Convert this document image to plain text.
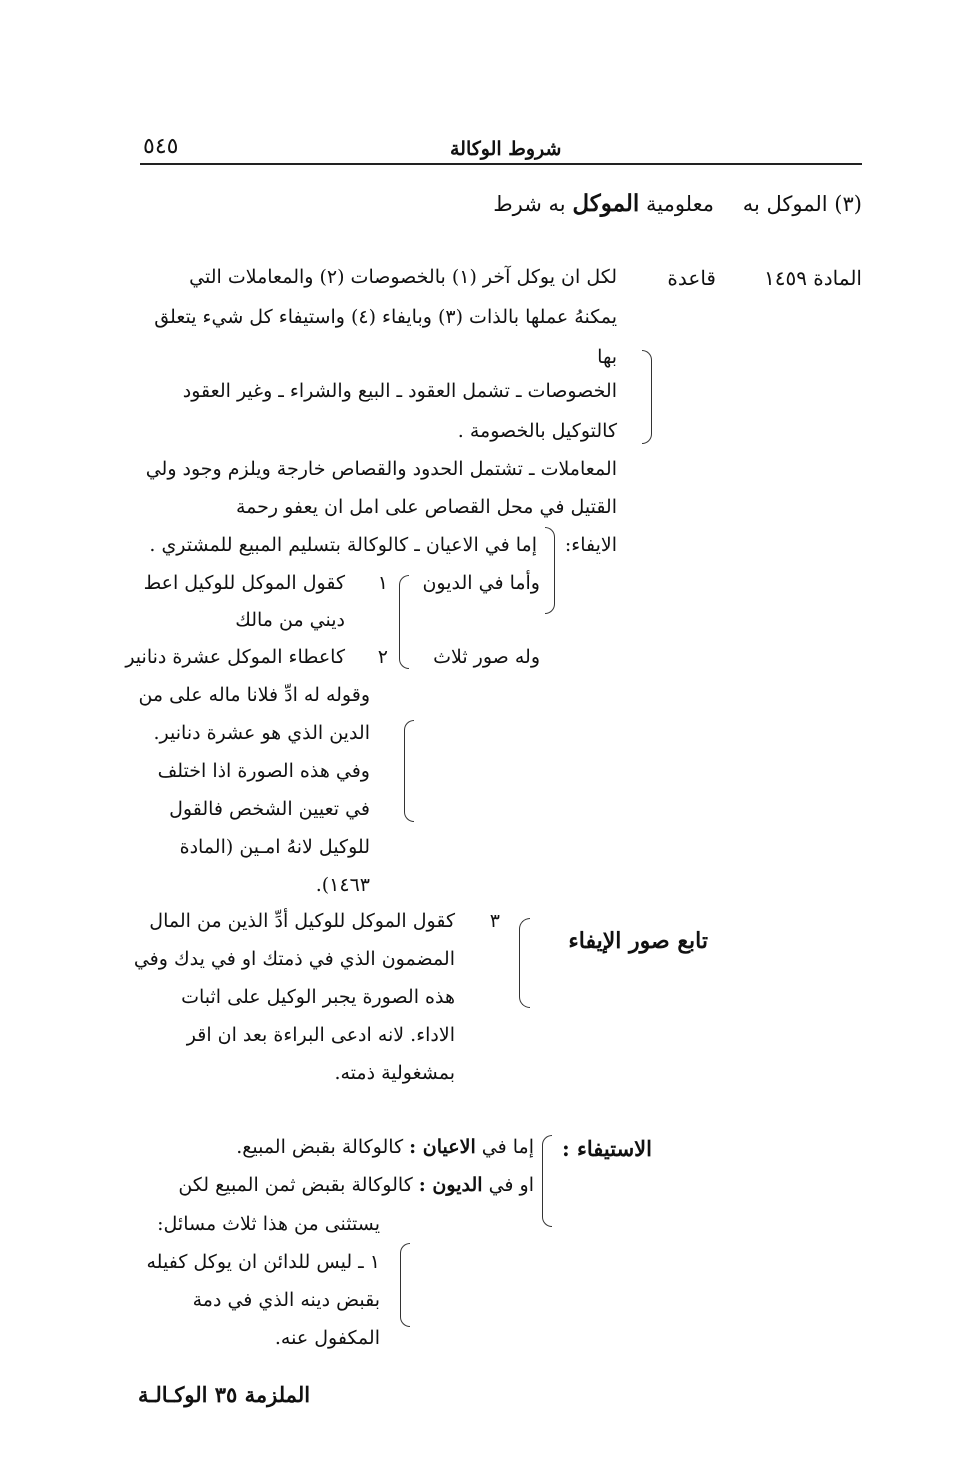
٥٤٥	شروط الوكالة
(٣) الموكل به
معلومية الموكل به شرط
المادة ١٤٥٩
قاعدة
لكل ان يوكل آخر (١) بالخصوصات (٢) والمعاملات التي
يمكنهُ عملها بالذات (٣) وبايفاء (٤) واستيفاء كل شيء يتعلق
بها
الخصوصات ـ تشمل العقود ـ البيع والشراء ـ وغير العقود
كالتوكيل بالخصومة .
المعاملات ـ تشتمل الحدود والقصاص خارجة ويلزم وجود ولي
القتيل في محل القصاص على امل ان يعفو رحمة
الايفاء:
إما في الاعيان ـ كالوكالة بتسليم المبيع للمشتري .
وأما في الديون
وله صور ثلاث
١
كقول الموكل للوكيل اعط
ديني من مالك
٢
كاعطاء الموكل عشرة دنانير
وقوله له ادِّ فلانا ماله على من
الدين الذي هو عشرة دنانير.
وفي هذه الصورة اذا اختلف
في تعيين الشخص فالقول
للوكيل لانهُ امـين (المادة
١٤٦٣).
تابع صور الإيفاء
٣
كقول الموكل للوكيل أدِّ الذين من المال
المضمون الذي في ذمتك او في يدك وفي
هذه الصورة يجبر الوكيل على اثبات
الاداء. لانه ادعى البراءة بعد ان اقر
بمشغولية ذمته.
الاستيفاء :
إما في الاعيان : كالوكالة بقبض المبيع.
او في الديون : كالوكالة بقبض ثمن المبيع لكن
يستثنى من هذا ثلاث مسائل:
١ ـ ليس للدائن ان يوكل كفيله
بقبض دينه الذي في دمة
المكفول عنه.
الملزمة ٣٥ الوكـالـة
